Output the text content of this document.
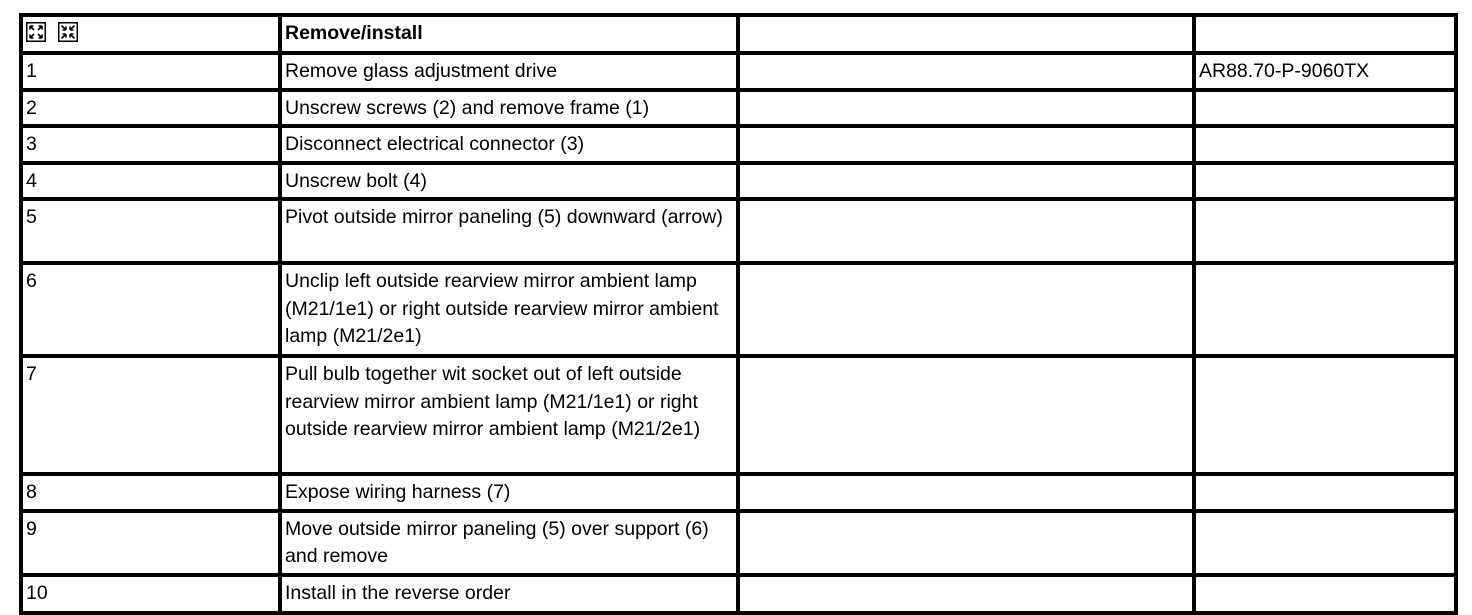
	Remove/install		
1	Remove glass adjustment drive		AR88.70-P-9060TX
2	Unscrew screws (2) and remove frame (1)		
3	Disconnect electrical connector (3)		
4	Unscrew bolt (4)		
5	Pivot outside mirror paneling (5) downward (arrow)		
6	Unclip left outside rearview mirror ambient lamp (M21/1e1) or right outside rearview mirror ambient lamp (M21/2e1)		
7	Pull bulb together wit socket out of left outside rearview mirror ambient lamp (M21/1e1) or right outside rearview mirror ambient lamp (M21/2e1)		
8	Expose wiring harness (7)		
9	Move outside mirror paneling (5) over support (6) and remove		
10	Install in the reverse order		
